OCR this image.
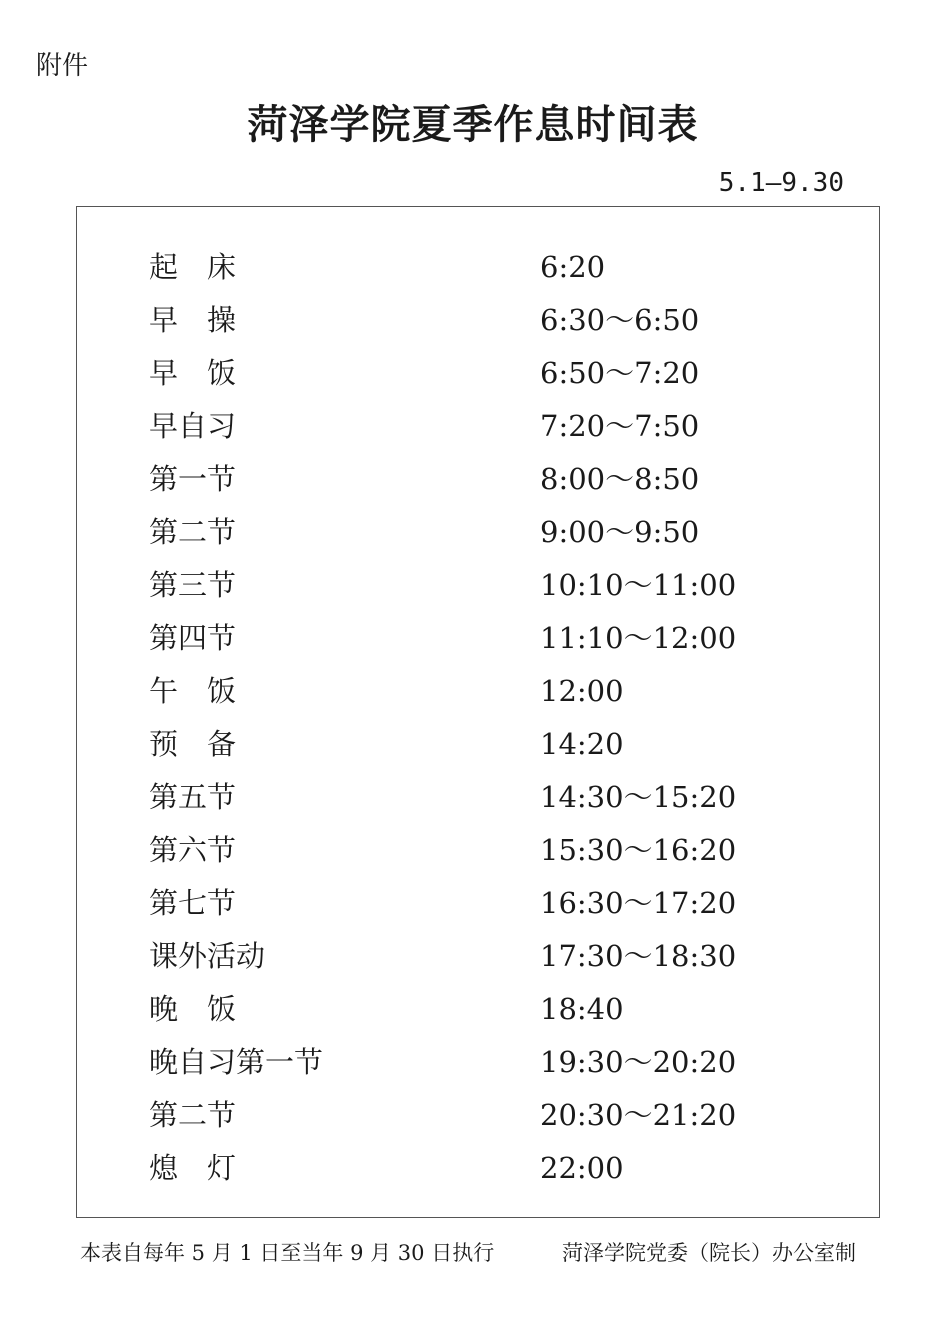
附件
菏泽学院夏季作息时间表
5.1—9.30
起　床	6:20
早　操	6:30～6:50
早　饭	6:50～7:20
早自习	7:20～7:50
第一节	8:00～8:50
第二节	9:00～9:50
第三节	10:10～11:00
第四节	11:10～12:00
午　饭	12:00
预　备	14:20
第五节	14:30～15:20
第六节	15:30～16:20
第七节	16:30～17:20
课外活动	17:30～18:30
晚　饭	18:40
晚自习第一节	19:30～20:20
第二节	20:30～21:20
熄　灯	22:00
本表自每年 5 月 1 日至当年 9 月 30 日执行	菏泽学院党委（院长）办公室制
